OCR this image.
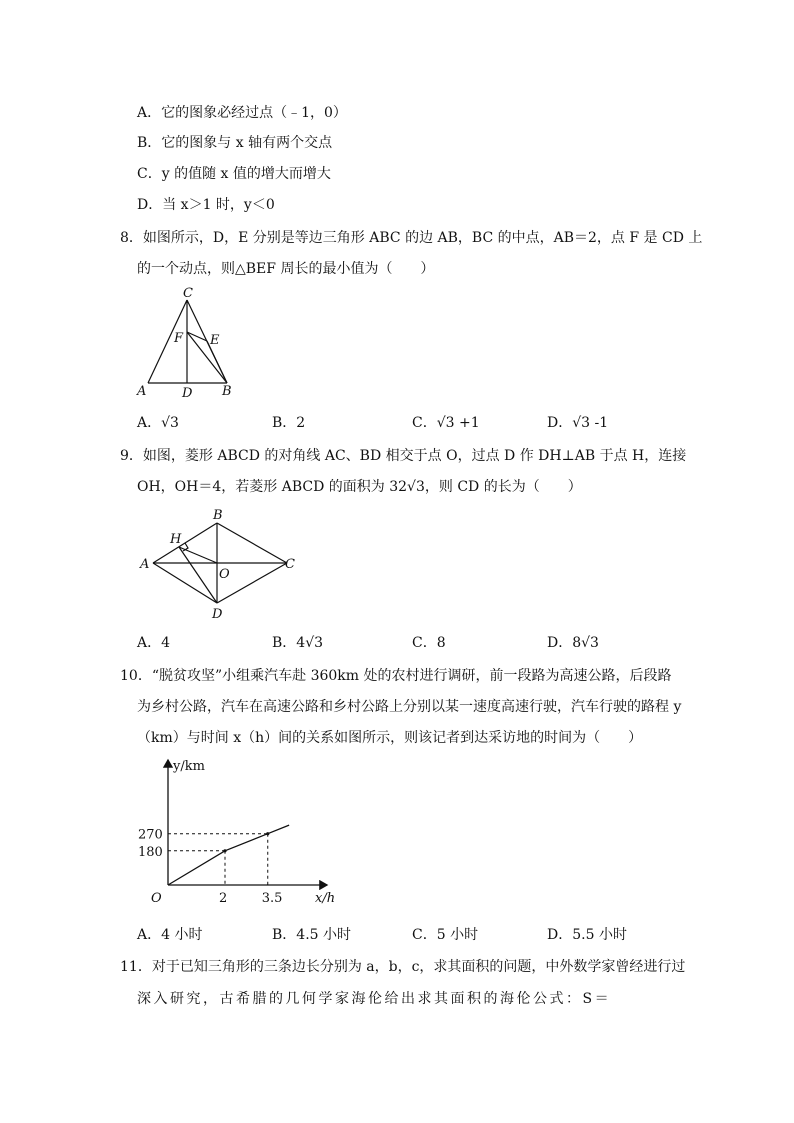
A．它的图象必经过点（﹣1，0）
B．它的图象与 x 轴有两个交点
C．y 的值随 x 值的增大而增大
D．当 x＞1 时，y＜0
8．如图所示，D，E 分别是等边三角形 ABC 的边 AB，BC 的中点，AB＝2，点 F 是 CD 上
的一个动点，则△BEF 周长的最小值为（　　）
C
F E
A	D B
A．√3	B．2	C．√3 +1	D．√3 -1
9．如图，菱形 ABCD 的对角线 AC、BD 相交于点 O，过点 D 作 DH⊥AB 于点 H，连接
OH，OH＝4，若菱形 ABCD 的面积为 32√3，则 CD 的长为（　　）
B
H
A
O
C
D
A．4	B．4√3	C．8	D．8√3
10．“脱贫攻坚”小组乘汽车赴 360km 处的农村进行调研，前一段路为高速公路，后段路
为乡村公路，汽车在高速公路和乡村公路上分别以某一速度高速行驶，汽车行驶的路程 y
（km）与时间 x（h）间的关系如图所示，则该记者到达采访地的时间为（　　）
2
180
3.5
270
y/km
x/h
O
A．4 小时	B．4.5 小时	C．5 小时	D．5.5 小时
11．对于已知三角形的三条边长分别为 a，b，c，求其面积的问题，中外数学家曾经进行过
深入研究，古希腊的几何学家海伦给出求其面积的海伦公式：S＝
